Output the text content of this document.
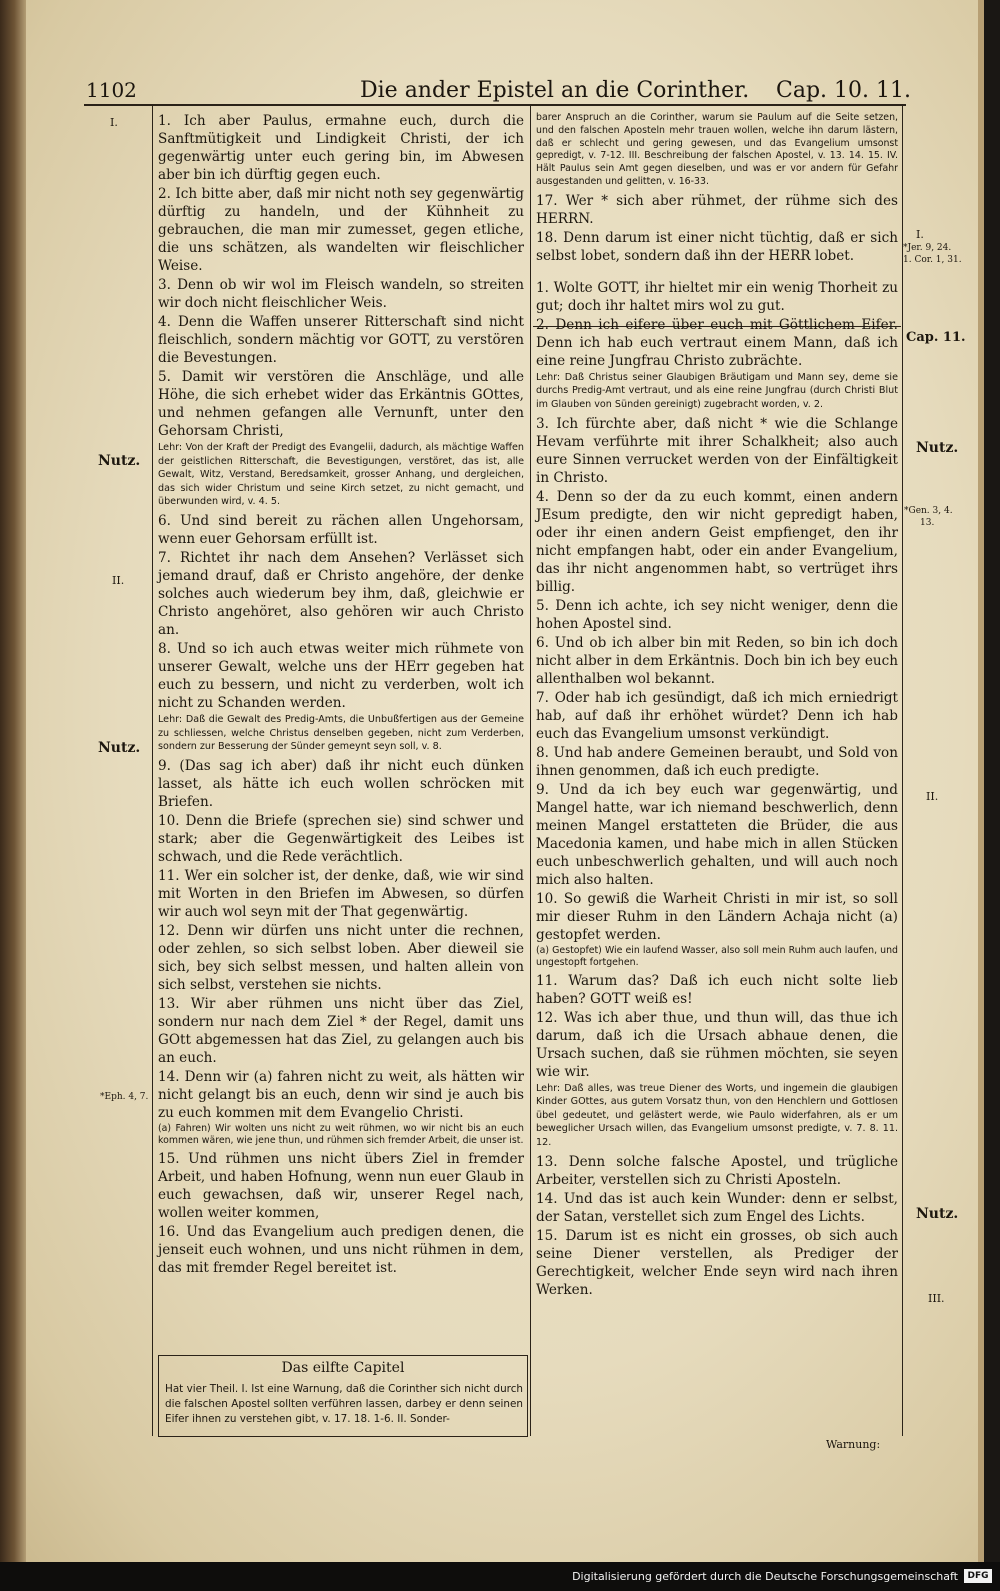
1102	Die ander Epistel an die Corinther. Cap. 10. 11.
I.
Nutz.
II.
Nutz.
*Eph. 4, 7.
I.
*Jer. 9, 24.
1. Cor. 1, 31.
Cap. 11.
Nutz.
*Gen. 3, 4.
13.
II.
Nutz.
III.

1. Ich aber Paulus, ermahne euch, durch die Sanftmütigkeit und Lindigkeit Christi, der ich gegenwärtig unter euch gering bin, im Abwesen aber bin ich dürftig gegen euch.

2. Ich bitte aber, daß mir nicht noth sey gegenwärtig dürftig zu handeln, und der Kühnheit zu gebrauchen, die man mir zumesset, gegen etliche, die uns schätzen, als wandelten wir fleischlicher Weise.

3. Denn ob wir wol im Fleisch wandeln, so streiten wir doch nicht fleischlicher Weis.

4. Denn die Waffen unserer Ritterschaft sind nicht fleischlich, sondern mächtig vor GOTT, zu verstören die Bevestungen.

5. Damit wir verstören die Anschläge, und alle Höhe, die sich erhebet wider das Erkäntnis GOttes, und nehmen gefangen alle Vernunft, unter den Gehorsam Christi,

Lehr: Von der Kraft der Predigt des Evangelii, dadurch, als mächtige Waffen der geistlichen Ritterschaft, die Bevestigungen, verstöret, das ist, alle Gewalt, Witz, Verstand, Beredsamkeit, grosser Anhang, und dergleichen, das sich wider Christum und seine Kirch setzet, zu nicht gemacht, und überwunden wird, v. 4. 5.

6. Und sind bereit zu rächen allen Ungehorsam, wenn euer Gehorsam erfüllt ist.

7. Richtet ihr nach dem Ansehen? Verlässet sich jemand drauf, daß er Christo angehöre, der denke solches auch wiederum bey ihm, daß, gleichwie er Christo angehöret, also gehören wir auch Christo an.

8. Und so ich auch etwas weiter mich rühmete von unserer Gewalt, welche uns der HErr gegeben hat euch zu bessern, und nicht zu verderben, wolt ich nicht zu Schanden werden.

Lehr: Daß die Gewalt des Predig-Amts, die Unbußfertigen aus der Gemeine zu schliessen, welche Christus denselben gegeben, nicht zum Verderben, sondern zur Besserung der Sünder gemeynt seyn soll, v. 8.

9. (Das sag ich aber) daß ihr nicht euch dünken lasset, als hätte ich euch wollen schröcken mit Briefen.

10. Denn die Briefe (sprechen sie) sind schwer und stark; aber die Gegenwärtigkeit des Leibes ist schwach, und die Rede verächtlich.

11. Wer ein solcher ist, der denke, daß, wie wir sind mit Worten in den Briefen im Abwesen, so dürfen wir auch wol seyn mit der That gegenwärtig.

12. Denn wir dürfen uns nicht unter die rechnen, oder zehlen, so sich selbst loben. Aber dieweil sie sich, bey sich selbst messen, und halten allein von sich selbst, verstehen sie nichts.

13. Wir aber rühmen uns nicht über das Ziel, sondern nur nach dem Ziel * der Regel, damit uns GOtt abgemessen hat das Ziel, zu gelangen auch bis an euch.

14. Denn wir (a) fahren nicht zu weit, als hätten wir nicht gelangt bis an euch, denn wir sind je auch bis zu euch kommen mit dem Evangelio Christi.

(a) Fahren) Wir wolten uns nicht zu weit rühmen, wo wir nicht bis an euch kommen wären, wie jene thun, und rühmen sich fremder Arbeit, die unser ist.

15. Und rühmen uns nicht übers Ziel in fremder Arbeit, und haben Hofnung, wenn nun euer Glaub in euch gewachsen, daß wir, unserer Regel nach, wollen weiter kommen,

16. Und das Evangelium auch predigen denen, die jenseit euch wohnen, und uns nicht rühmen in dem, das mit fremder Regel bereitet ist.

Das eilfte Capitel
Hat vier Theil. I. Ist eine Warnung, daß die Corinther sich nicht durch die falschen Apostel sollten verführen lassen, darbey er denn seinen Eifer ihnen zu verstehen gibt, v. 17. 18. 1-6. II. Sonder-

barer Anspruch an die Corinther, warum sie Paulum auf die Seite setzen, und den falschen Aposteln mehr trauen wollen, welche ihn darum lästern, daß er schlecht und gering gewesen, und das Evangelium umsonst gepredigt, v. 7-12. III. Beschreibung der falschen Apostel, v. 13. 14. 15. IV. Hält Paulus sein Amt gegen dieselben, und was er vor andern für Gefahr ausgestanden und gelitten, v. 16-33.

17. Wer * sich aber rühmet, der rühme sich des HERRN.

18. Denn darum ist einer nicht tüchtig, daß er sich selbst lobet, sondern daß ihn der HERR lobet.

1. Wolte GOTT, ihr hieltet mir ein wenig Thorheit zu gut; doch ihr haltet mirs wol zu gut.

2. Denn ich eifere über euch mit Göttlichem Eifer. Denn ich hab euch vertraut einem Mann, daß ich eine reine Jungfrau Christo zubrächte.

Lehr: Daß Christus seiner Glaubigen Bräutigam und Mann sey, deme sie durchs Predig-Amt vertraut, und als eine reine Jungfrau (durch Christi Blut im Glauben von Sünden gereinigt) zugebracht worden, v. 2.

3. Ich fürchte aber, daß nicht * wie die Schlange Hevam verführte mit ihrer Schalkheit; also auch eure Sinnen verrucket werden von der Einfältigkeit in Christo.

4. Denn so der da zu euch kommt, einen andern JEsum predigte, den wir nicht gepredigt haben, oder ihr einen andern Geist empfienget, den ihr nicht empfangen habt, oder ein ander Evangelium, das ihr nicht angenommen habt, so vertrüget ihrs billig.

5. Denn ich achte, ich sey nicht weniger, denn die hohen Apostel sind.

6. Und ob ich alber bin mit Reden, so bin ich doch nicht alber in dem Erkäntnis. Doch bin ich bey euch allenthalben wol bekannt.

7. Oder hab ich gesündigt, daß ich mich erniedrigt hab, auf daß ihr erhöhet würdet? Denn ich hab euch das Evangelium umsonst verkündigt.

8. Und hab andere Gemeinen beraubt, und Sold von ihnen genommen, daß ich euch predigte.

9. Und da ich bey euch war gegenwärtig, und Mangel hatte, war ich niemand beschwerlich, denn meinen Mangel erstatteten die Brüder, die aus Macedonia kamen, und habe mich in allen Stücken euch unbeschwerlich gehalten, und will auch noch mich also halten.

10. So gewiß die Warheit Christi in mir ist, so soll mir dieser Ruhm in den Ländern Achaja nicht (a) gestopfet werden.

(a) Gestopfet) Wie ein laufend Wasser, also soll mein Ruhm auch laufen, und ungestopft fortgehen.

11. Warum das? Daß ich euch nicht solte lieb haben? GOTT weiß es!

12. Was ich aber thue, und thun will, das thue ich darum, daß ich die Ursach abhaue denen, die Ursach suchen, daß sie rühmen möchten, sie seyen wie wir.

Lehr: Daß alles, was treue Diener des Worts, und ingemein die glaubigen Kinder GOttes, aus gutem Vorsatz thun, von den Henchlern und Gottlosen übel gedeutet, und gelästert werde, wie Paulo widerfahren, als er um beweglicher Ursach willen, das Evangelium umsonst predigte, v. 7. 8. 11. 12.

13. Denn solche falsche Apostel, und trügliche Arbeiter, verstellen sich zu Christi Aposteln.

14. Und das ist auch kein Wunder: denn er selbst, der Satan, verstellet sich zum Engel des Lichts.

15. Darum ist es nicht ein grosses, ob sich auch seine Diener verstellen, als Prediger der Gerechtigkeit, welcher Ende seyn wird nach ihren Werken.

Warnung:
Digitalisierung gefördert durch die Deutsche Forschungsgemeinschaft	DFG
